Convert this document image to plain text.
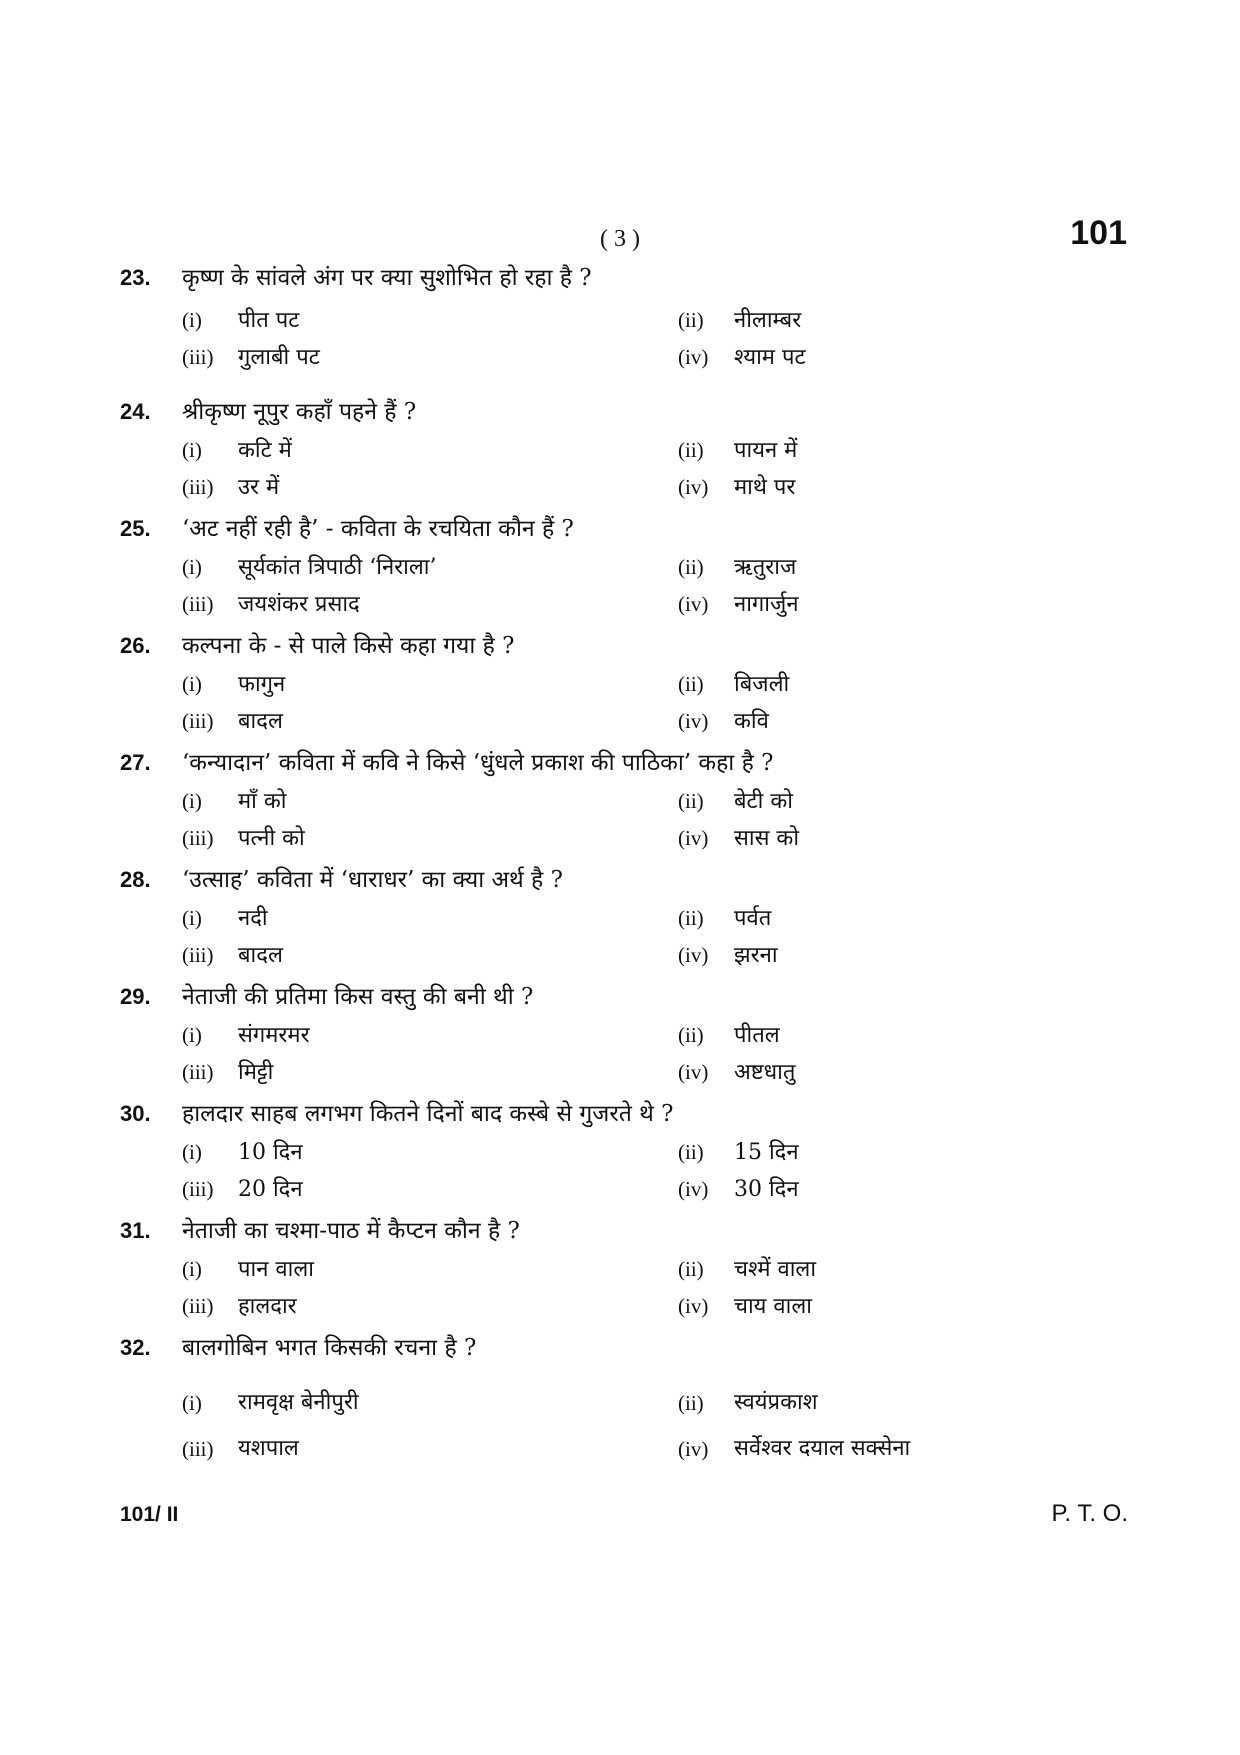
( 3 )	101
23.	कृष्ण के सांवले अंग पर क्या सुशोभित हो रहा है ?
(i) पीत पट	(ii) नीलाम्बर
(iii) गुलाबी पट	(iv) श्याम पट
24.	श्रीकृष्ण नूपुर कहाँ पहने हैं ?
(i) कटि में	(ii) पायन में
(iii) उर में	(iv) माथे पर
25.	‘अट नहीं रही है’ - कविता के रचयिता कौन हैं ?
(i) सूर्यकांत त्रिपाठी ‘निराला’	(ii) ऋतुराज
(iii) जयशंकर प्रसाद	(iv) नागार्जुन
26.	कल्पना के - से पाले किसे कहा गया है ?
(i) फागुन	(ii) बिजली
(iii) बादल	(iv) कवि
27.	‘कन्यादान’ कविता में कवि ने किसे ‘धुंधले प्रकाश की पाठिका’ कहा है ?
(i) माँ को	(ii) बेटी को
(iii) पत्नी को	(iv) सास को
28.	‘उत्साह’ कविता में ‘धाराधर’ का क्या अर्थ है ?
(i) नदी	(ii) पर्वत
(iii) बादल	(iv) झरना
29.	नेताजी की प्रतिमा किस वस्तु की बनी थी ?
(i) संगमरमर	(ii) पीतल
(iii) मिट्टी	(iv) अष्टधातु
30.	हालदार साहब लगभग कितने दिनों बाद कस्बे से गुजरते थे ?
(i) 10 दिन	(ii) 15 दिन
(iii) 20 दिन	(iv) 30 दिन
31.	नेताजी का चश्मा-पाठ में कैप्टन कौन है ?
(i) पान वाला	(ii) चश्में वाला
(iii) हालदार	(iv) चाय वाला
32.	बालगोबिन भगत किसकी रचना है ?
(i) रामवृक्ष बेनीपुरी	(ii) स्वयंप्रकाश
(iii) यशपाल	(iv) सर्वेश्वर दयाल सक्सेना
101/ II	P. T. O.
